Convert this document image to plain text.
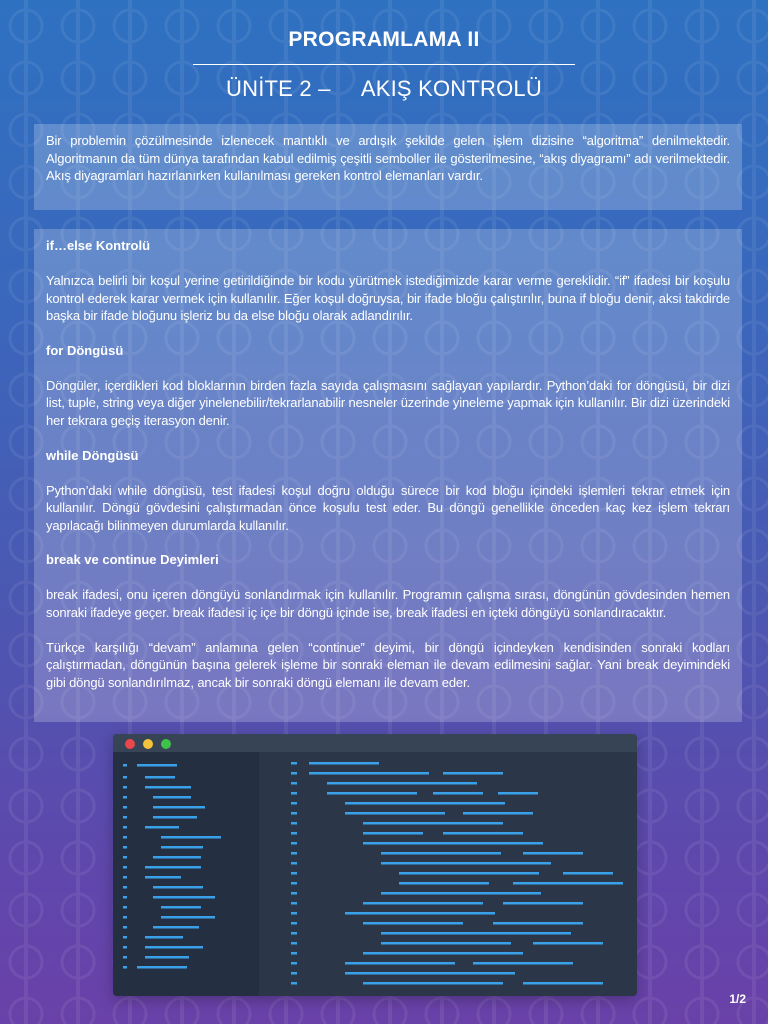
PROGRAMLAMA II
ÜNİTE 2 –     AKIŞ KONTROLÜ

Bir problemin çözülmesinde izlenecek mantıklı ve ardışık şekilde gelen işlem dizisine “algoritma” denilmektedir. Algoritmanın da tüm dünya tarafından kabul edilmiş çeşitli semboller ile gösterilmesine, “akış diyagramı” adı verilmektedir. Akış diyagramları hazırlanırken kullanılması gereken kontrol elemanları vardır.

if…else Kontrolü

Yalnızca belirli bir koşul yerine getirildiğinde bir kodu yürütmek istediğimizde karar verme gereklidir. “if” ifadesi bir koşulu kontrol ederek karar vermek için kullanılır. Eğer koşul doğruysa, bir ifade bloğu çalıştırılır, buna if bloğu denir, aksi takdirde başka bir ifade bloğunu işleriz bu da else bloğu olarak adlandırılır.

for Döngüsü

Döngüler, içerdikleri kod bloklarının birden fazla sayıda çalışmasını sağlayan yapılardır. Python’daki for döngüsü, bir dizi list, tuple, string veya diğer yinelenebilir/tekrarlanabilir nesneler üzerinde yineleme yapmak için kullanılır. Bir dizi üzerindeki her tekrara geçiş iterasyon denir.

while Döngüsü

Python’daki while döngüsü, test ifadesi koşul doğru olduğu sürece bir kod bloğu içindeki işlemleri tekrar etmek için kullanılır. Döngü gövdesini çalıştırmadan önce koşulu test eder. Bu döngü genellikle önceden kaç kez işlem tekrarı yapılacağı bilinmeyen durumlarda kullanılır.

break ve continue Deyimleri

break ifadesi, onu içeren döngüyü sonlandırmak için kullanılır. Programın çalışma sırası, döngünün gövdesinden hemen sonraki ifadeye geçer. break ifadesi iç içe bir döngü içinde ise, break ifadesi en içteki döngüyü sonlandıracaktır.

Türkçe karşılığı “devam” anlamına gelen “continue” deyimi, bir döngü içindeyken kendisinden sonraki kodları çalıştırmadan, döngünün başına gelerek işleme bir sonraki eleman ile devam edilmesini sağlar. Yani break deyimindeki gibi döngü sonlandırılmaz, ancak bir sonraki döngü elemanı ile devam eder.

1/2
